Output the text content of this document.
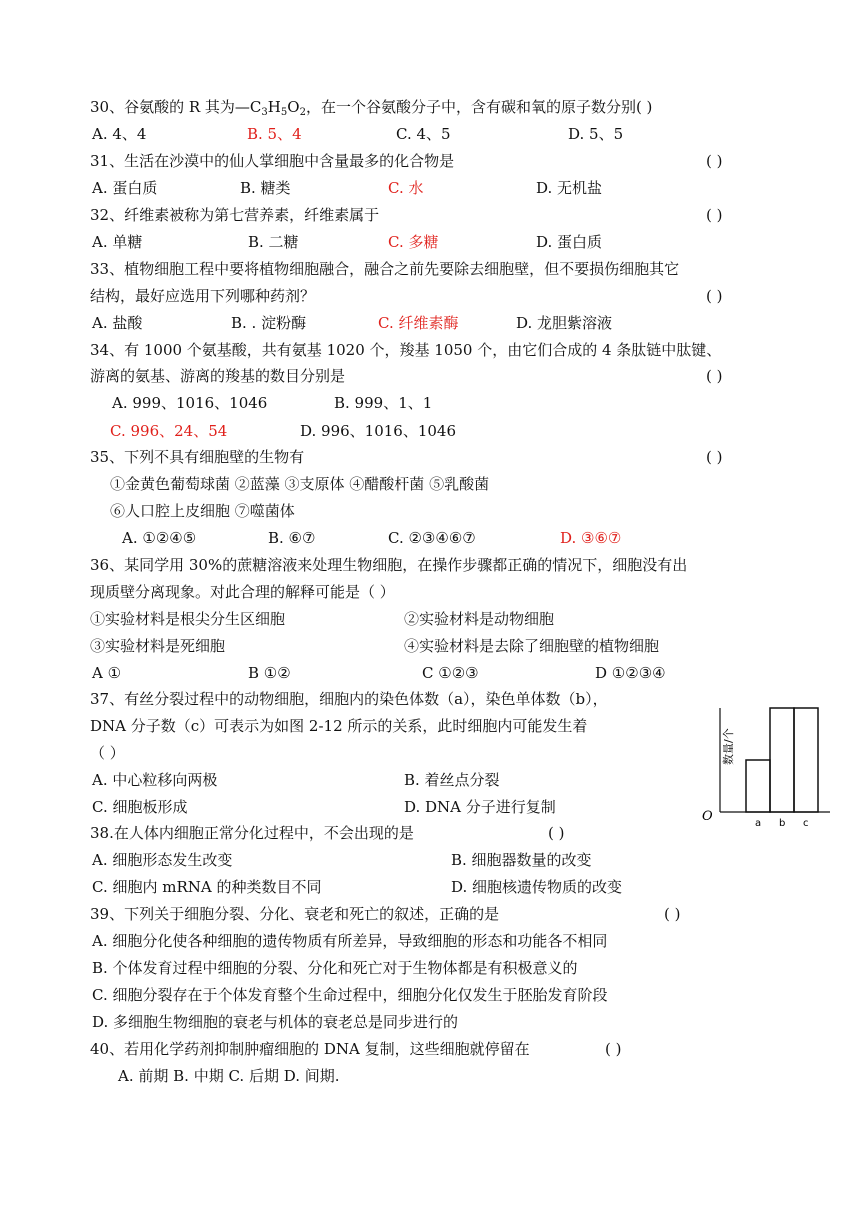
30、谷氨酸的 R 其为$—C_3H_5O_2$，在一个谷氨酸分子中，含有碳和氧的原子数分别( )
A. 4、4	B. 5、4	C. 4、5	D. 5、5
31、生活在沙漠中的仙人掌细胞中含量最多的化合物是	( )
A. 蛋白质	B. 糖类	C. 水	D. 无机盐
32、纤维素被称为第七营养素，纤维素属于	( )
A. 单糖	B. 二糖	C. 多糖	D. 蛋白质
33、植物细胞工程中要将植物细胞融合，融合之前先要除去细胞壁，但不要损伤细胞其它
结构，最好应选用下列哪种药剂？	( )
A. 盐酸	B. . 淀粉酶	C. 纤维素酶	D. 龙胆紫溶液
34、有 1000 个氨基酸，共有氨基 1020 个，羧基 1050 个，由它们合成的 4 条肽链中肽键、
游离的氨基、游离的羧基的数目分别是	( )
A. 999、1016、1046	B. 999、1、1
C. 996、24、54	D. 996、1016、1046
35、下列不具有细胞壁的生物有	( )
①金黄色葡萄球菌 ②蓝藻 ③支原体 ④醋酸杆菌 ⑤乳酸菌
⑥人口腔上皮细胞 ⑦噬菌体
A. ①②④⑤	B. ⑥⑦	C. ②③④⑥⑦	D. ③⑥⑦
36、某同学用 30%的蔗糖溶液来处理生物细胞，在操作步骤都正确的情况下，细胞没有出
现质壁分离现象。对此合理的解释可能是（ ）
①实验材料是根尖分生区细胞	②实验材料是动物细胞
③实验材料是死细胞	④实验材料是去除了细胞壁的植物细胞
A ①	B ①②	C ①②③	D ①②③④
37、有丝分裂过程中的动物细胞，细胞内的染色体数（a），染色单体数（b），
DNA 分子数（c）可表示为如图 2-12 所示的关系，此时细胞内可能发生着
（ ）
A. 中心粒移向两极	B. 着丝点分裂
C. 细胞板形成	D. DNA 分子进行复制
数量/个
O	a b c
38.在人体内细胞正常分化过程中，不会出现的是	( )
A. 细胞形态发生改变	B. 细胞器数量的改变
C. 细胞内 mRNA 的种类数目不同	D. 细胞核遗传物质的改变
39、下列关于细胞分裂、分化、衰老和死亡的叙述，正确的是	( )
A. 细胞分化使各种细胞的遗传物质有所差异，导致细胞的形态和功能各不相同
B. 个体发育过程中细胞的分裂、分化和死亡对于生物体都是有积极意义的
C. 细胞分裂存在于个体发育整个生命过程中，细胞分化仅发生于胚胎发育阶段
D. 多细胞生物细胞的衰老与机体的衰老总是同步进行的
40、若用化学药剂抑制肿瘤细胞的 DNA 复制，这些细胞就停留在	( )
A. 前期 B. 中期 C. 后期 D. 间期.
